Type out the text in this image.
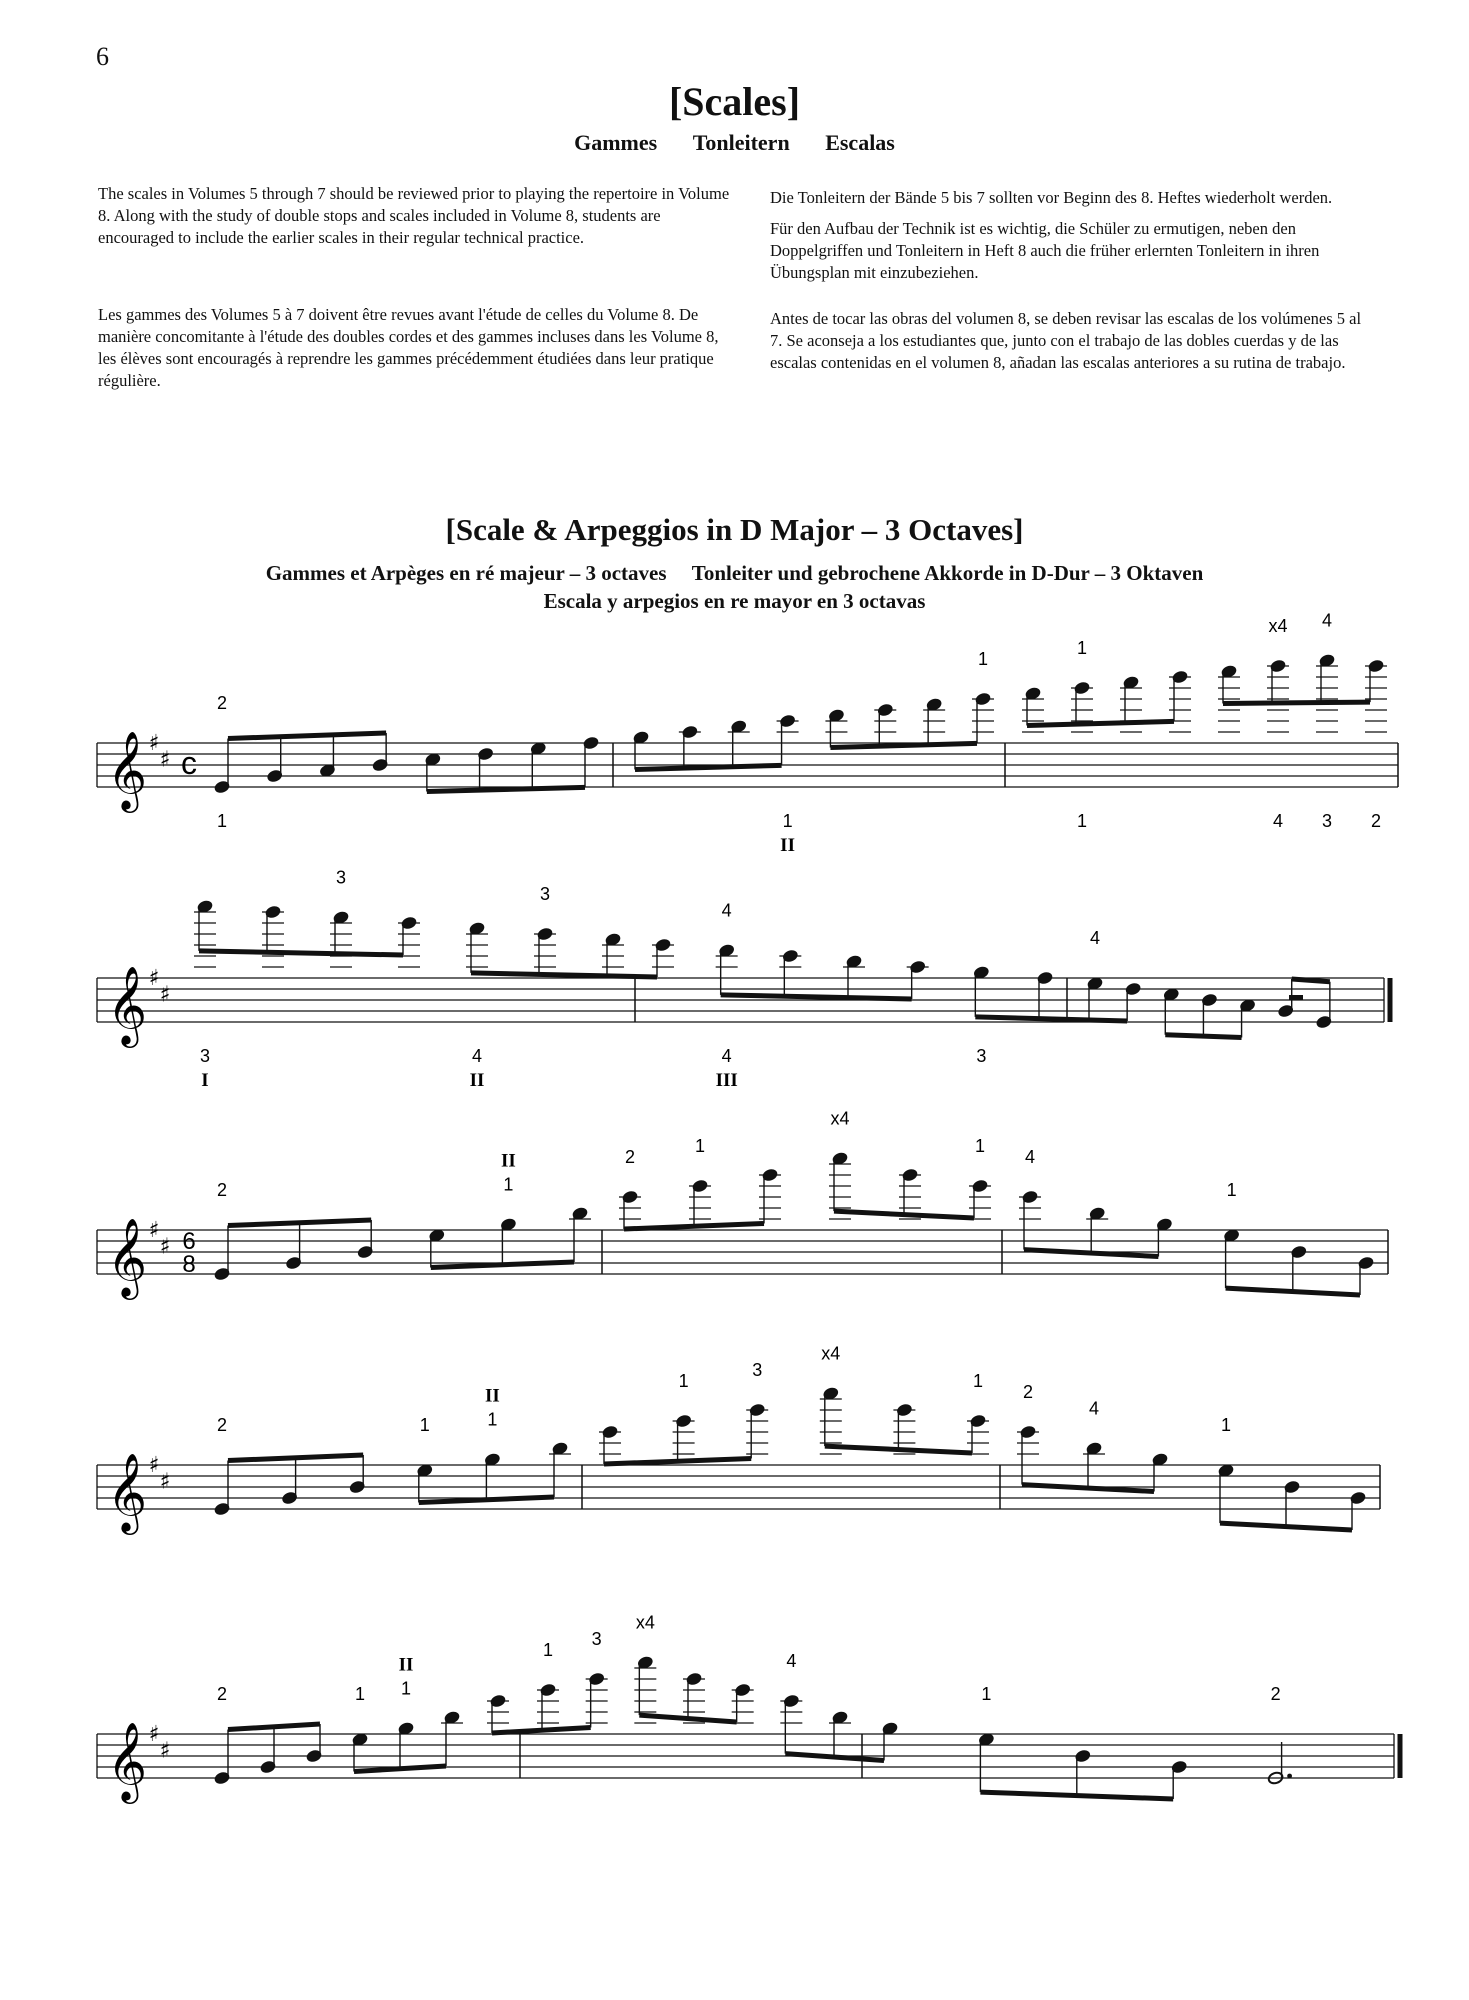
6
[Scales]
Gammes Tonleitern Escalas
The scales in Volumes 5 through 7 should be reviewed prior to playing the repertoire in Volume 8. Along with the study of double stops and scales included in Volume 8, students are encouraged to include the earlier scales in their regular technical practice.
Les gammes des Volumes 5 à 7 doivent être revues avant l'étude de celles du Volume 8. De manière concomitante à l'étude des doubles cordes et des gammes incluses dans les Volume 8, les élèves sont encouragés à reprendre les gammes précédemment étudiées dans leur pratique régulière.
Die Tonleitern der Bände 5 bis 7 sollten vor Beginn des 8. Heftes wiederholt werden.
Für den Aufbau der Technik ist es wichtig, die Schüler zu ermutigen, neben den Doppelgriffen und Tonleitern in Heft 8 auch die früher erlernten Tonleitern in ihren Übungsplan mit einzubeziehen.
Antes de tocar las obras del volumen 8, se deben revisar las escalas de los volúmenes 5 al 7. Se aconseja a los estudiantes que, junto con el trabajo de las dobles cuerdas y de las escalas contenidas en el volumen 8, añadan las escalas anteriores a su rutina de trabajo.
[Scale & Arpeggios in D Major – 3 Octaves]
Gammes et Arpèges en ré majeur – 3 octaves Tonleiter und gebrochene Akkorde in D-Dur – 3 Oktaven
Escala y arpegios en re mayor en 3 octavas
𝄞 ♯
♯ c
2
1
1
x4 4
1	1	1	4 3 2
II
𝄞 ♯
♯
3
3
4
4
3	4	4	3
I	II	III
𝄞 ♯
♯ 6
8
2	1
2
1
x4
1
4
1
II
𝄞 ♯
♯
2	1	1
1
3
x4
1
2
4
1
II
𝄞 ♯
♯
2	1 1
1
3
x4
4
1	2
II
